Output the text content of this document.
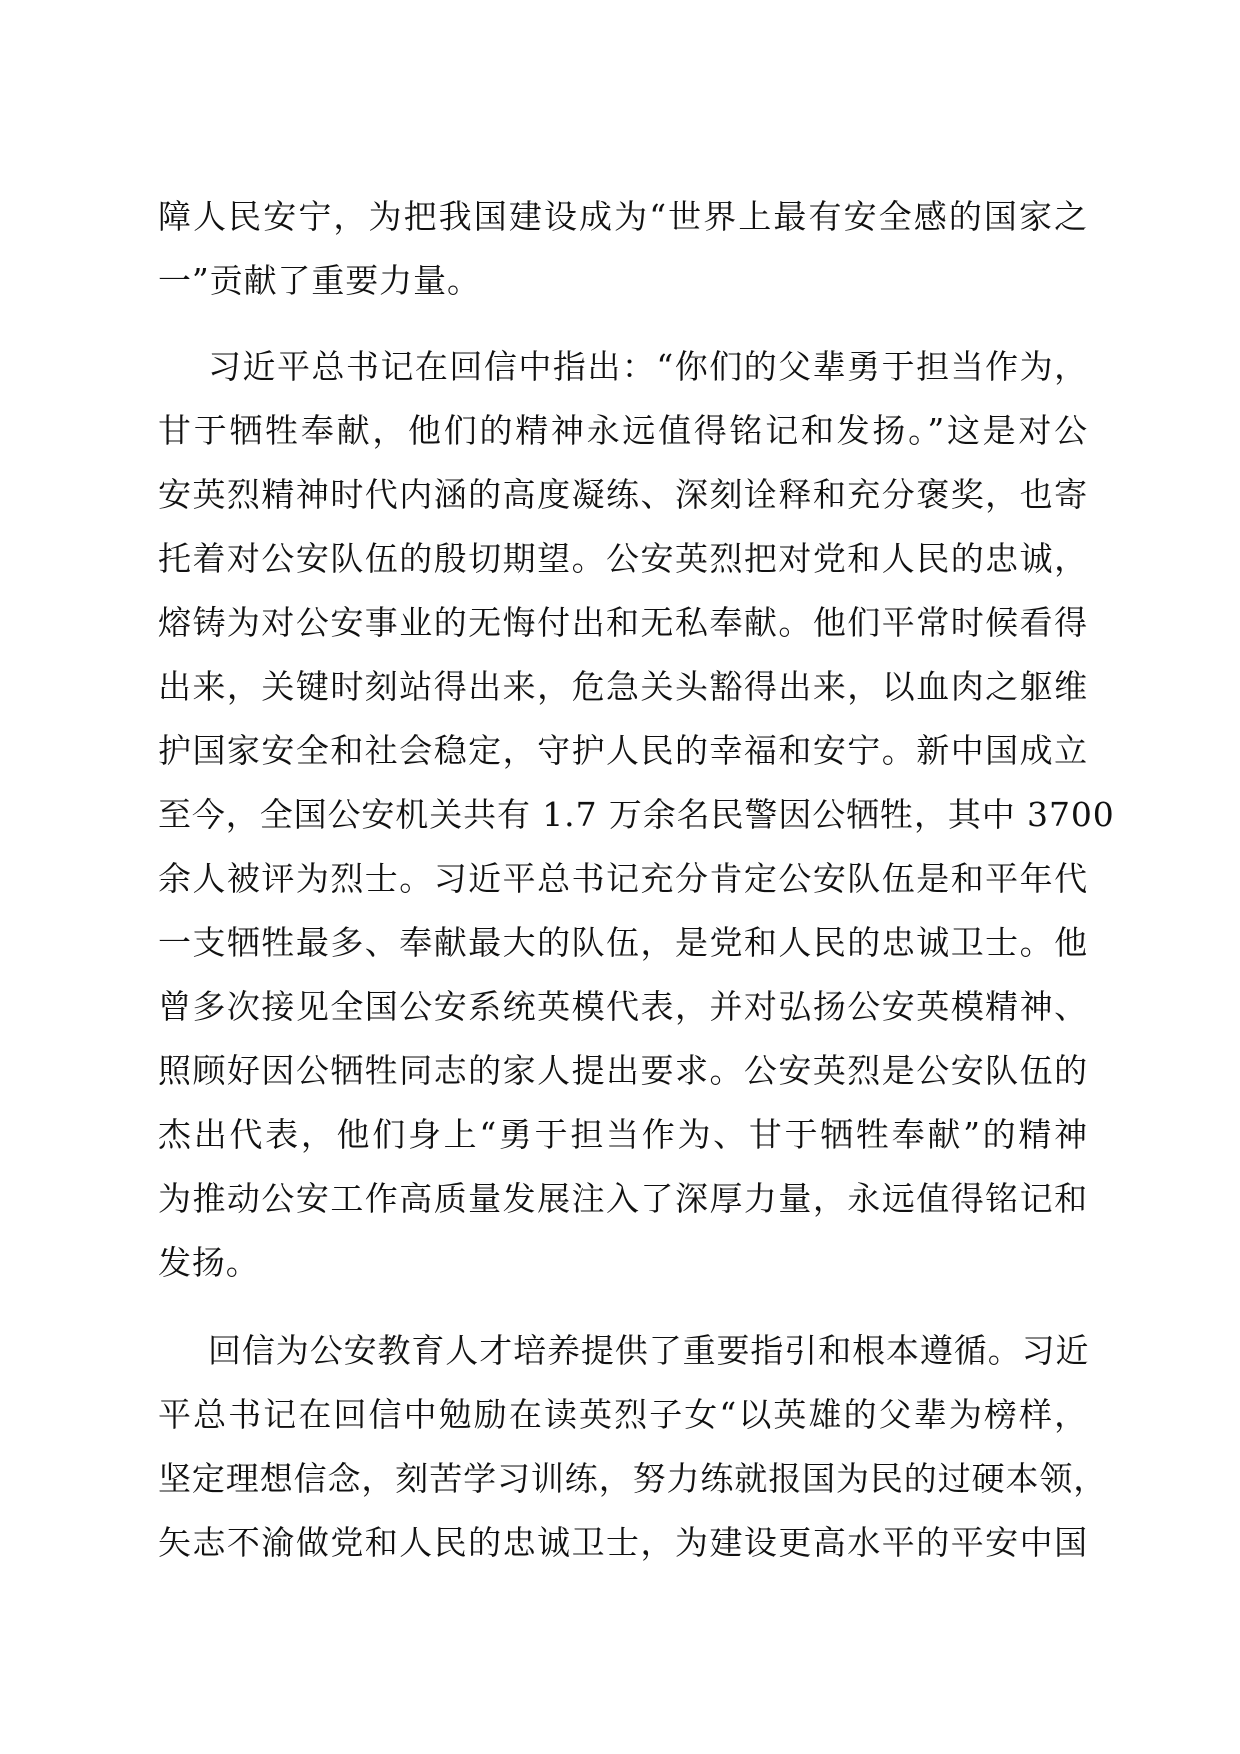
障人民安宁，为把我国建设成为“世界上最有安全感的国家之
一”贡献了重要力量。
习近平总书记在回信中指出：“你们的父辈勇于担当作为，
甘于牺牲奉献，他们的精神永远值得铭记和发扬。”这是对公
安英烈精神时代内涵的高度凝练、深刻诠释和充分褒奖，也寄
托着对公安队伍的殷切期望。公安英烈把对党和人民的忠诚，
熔铸为对公安事业的无悔付出和无私奉献。他们平常时候看得
出来，关键时刻站得出来，危急关头豁得出来，以血肉之躯维
护国家安全和社会稳定，守护人民的幸福和安宁。新中国成立
至今，全国公安机关共有 1.7 万余名民警因公牺牲，其中 3700
余人被评为烈士。习近平总书记充分肯定公安队伍是和平年代
一支牺牲最多、奉献最大的队伍，是党和人民的忠诚卫士。他
曾多次接见全国公安系统英模代表，并对弘扬公安英模精神、
照顾好因公牺牲同志的家人提出要求。公安英烈是公安队伍的
杰出代表，他们身上“勇于担当作为、甘于牺牲奉献”的精神
为推动公安工作高质量发展注入了深厚力量，永远值得铭记和
发扬。
回信为公安教育人才培养提供了重要指引和根本遵循。习近
平总书记在回信中勉励在读英烈子女“以英雄的父辈为榜样，
坚定理想信念，刻苦学习训练，努力练就报国为民的过硬本领，
矢志不渝做党和人民的忠诚卫士，为建设更高水平的平安中国
